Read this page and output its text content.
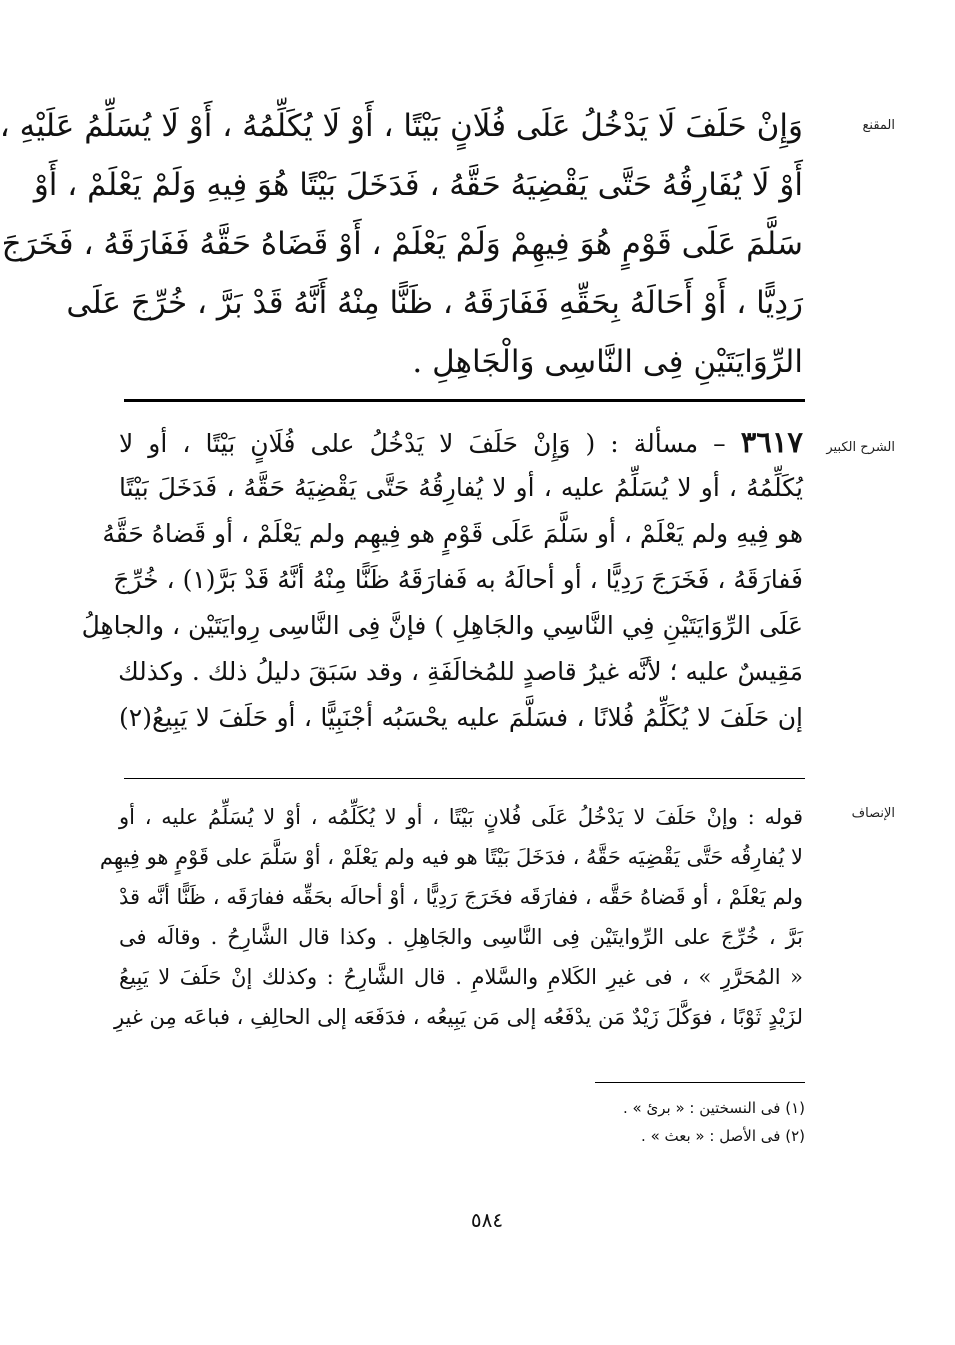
المقنع
وَإِنْ حَلَفَ لَا يَدْخُلُ عَلَى فُلَانٍ بَيْتًا ، أَوْ لَا يُكَلِّمُهُ ، أَوْ لَا يُسَلِّمُ عَلَيْهِ ،
أَوْ لَا يُفَارِقُهُ حَتَّى يَقْضِيَهُ حَقَّهُ ، فَدَخَلَ بَيْتًا هُوَ فِيهِ وَلَمْ يَعْلَمْ ، أَوْ
سَلَّمَ عَلَى قَوْمٍ هُوَ فِيهِمْ وَلَمْ يَعْلَمْ ، أَوْ قَضَاهُ حَقَّهُ فَفَارَقَهُ ، فَخَرَجَ
رَدِيًّا ، أَوْ أَحَالَهُ بِحَقِّهِ فَفَارَقَهُ ، ظَنًّا مِنْهُ أَنَّهُ قَدْ بَرَّ ، خُرِّجَ عَلَى
الرِّوَايَتَيْنِ فِى النَّاسِى وَالْجَاهِلِ .
الشرح الكبير
٣٦١٧ – مسألة : ( وَإِنْ حَلَفَ لا يَدْخُلُ على فُلَانٍ بَيْتًا ، أو لا
يُكَلِّمُهُ ، أو لا يُسَلِّمُ عليه ، أو لا يُفارِقُهُ حَتَّى يَقْضِيَهُ حَقَّهُ ، فَدَخَلَ بَيْتًا
هو فِيهِ ولم يَعْلَمْ ، أو سَلَّمَ عَلَى قَوْمٍ هو فِيهِم ولم يَعْلَمْ ، أو قَضاهُ حَقَّهُ
فَفارَقَهُ ، فَخَرَجَ رَدِيًّا ، أو أحالَهُ به فَفارَقَهُ ظَنًّا مِنْهُ أنَّهُ قَدْ بَرَّ(١) ، خُرِّجَ
عَلَى الرِّوَايَتَيْنِ فِي النَّاسِي والجَاهِلِ ) فإنَّ فِى النَّاسِى رِوايَتَيْن ، والجاهِلُ
مَقِيسٌ عليه ؛ لأنَّه غيرُ قاصدٍ للمُخالَفَةِ ، وقد سَبَقَ دليلُ ذلك . وكذلك
إن حَلَفَ لا يُكَلِّمُ فُلانًا ، فسَلَّمَ عليه يحْسَبُه أجْنَبِيًّا ، أو حَلَفَ لا يَبِيعُ(٢)
الإنصاف
قوله : وإنْ حَلَفَ لا يَدْخُلُ عَلَى فُلانٍ بَيْتًا ، أو لا يُكَلِّمُه ، أوْ لا يُسَلِّمُ عليه ، أو
لا يُفارِقُه حَتَّى يَقْضِيَه حَقَّهُ ، فدَخَلَ بَيْتًا هو فيه ولم يَعْلَمْ ، أوْ سَلَّمَ على قَوْمٍ هو فِيهِم
ولم يَعْلَمْ ، أو قَضاهُ حَقَّه ، ففارَقَه فخَرَجَ رَدِيًّا ، أوْ أحالَه بحَقِّه ففارَقَه ، ظَنًّا أنَّه قدْ
بَرَّ ، خُرِّجَ على الرِّوايتَيْن فِى النَّاسِى والجَاهِلِ . وكذا قال الشَّارِحُ . وقالَه فى
« المُحَرَّرِ » ، فى غيرِ الكَلامِ والسَّلامِ . قال الشَّارِحُ : وكذلك إنْ حَلَفَ لا يَبِيعُ
لزَيْدٍ ثَوْبًا ، فوَكَّلَ زَيْدٌ مَن يدْفَعُه إلى مَن يَبِيعُه ، فدَفَعَه إلى الحالِفِ ، فباعَه مِن غيرِ
(١) فى النسختين : « برئ » .
(٢) فى الأصل : « بعث » .
٥٨٤
